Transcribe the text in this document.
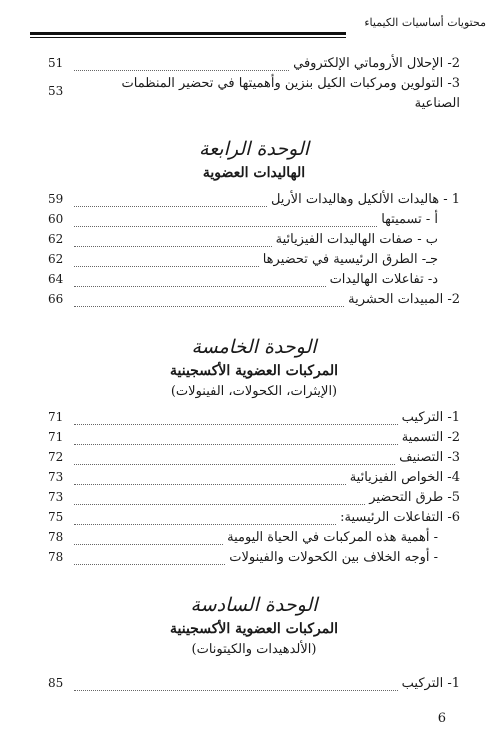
محتويات أساسيات الكيمياء
2- الإحلال الأروماتي الإلكتروفي
51
3- التولوين ومركبات الكيل بنزين وأهميتها في تحضير المنظمات
53
الصناعية
الوحدة الرابعة
الهاليدات العضوية
1 - هاليدات الألكيل وهاليدات الأريل
59
أ - تسميتها
60
ب - صفات الهاليدات الفيزيائية
62
جـ- الطرق الرئيسية في تحضيرها
62
د- تفاعلات الهاليدات
64
2- المبيدات الحشرية
66
الوحدة الخامسة
المركبات العضوية الأكسجينية
(الإيثرات، الكحولات، الفينولات)
1- التركيب
71
2- التسمية
71
3- التصنيف
72
4- الخواص الفيزيائية
73
5- طرق التحضير
73
6- التفاعلات الرئيسية:
75
- أهمية هذه المركبات في الحياة اليومية
78
- أوجه الخلاف بين الكحولات والفينولات
78
الوحدة السادسة
المركبات العضوية الأكسجينية
(الألدهيدات والكيتونات)
1- التركيب
85
6
